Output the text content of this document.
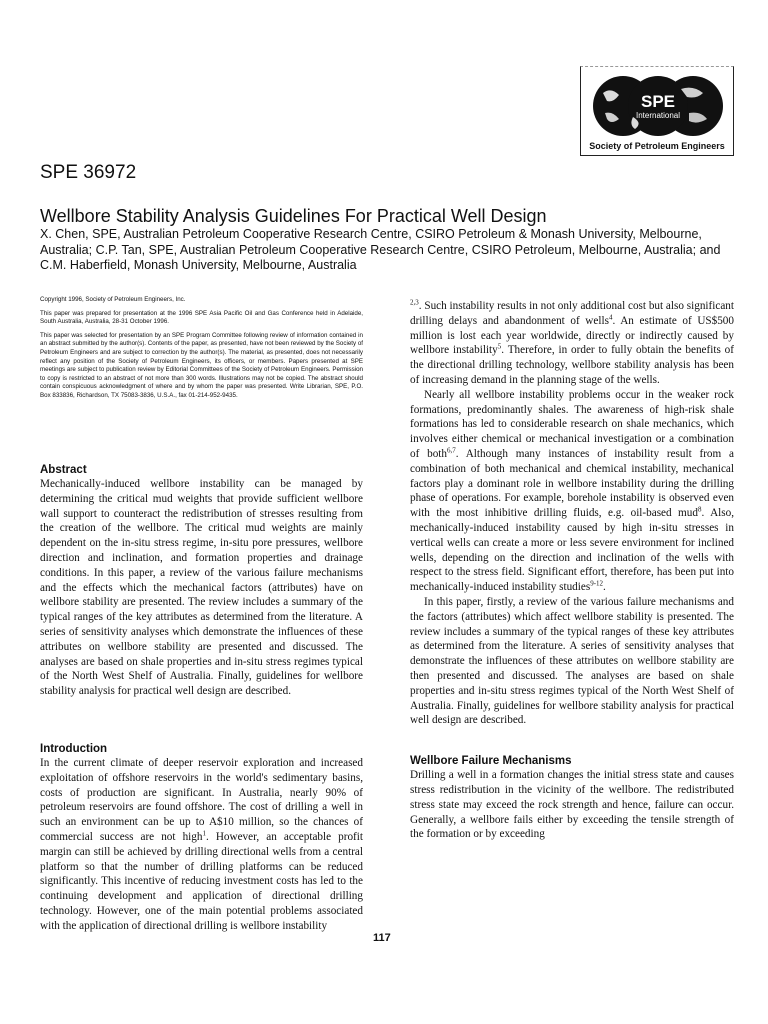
SPE
International
Society of Petroleum Engineers
SPE 36972
Wellbore Stability Analysis Guidelines For Practical Well Design
X. Chen, SPE, Australian Petroleum Cooperative Research Centre, CSIRO Petroleum & Monash University, Melbourne, Australia; C.P. Tan, SPE, Australian Petroleum Cooperative Research Centre, CSIRO Petroleum, Melbourne, Australia; and C.M. Haberfield, Monash University, Melbourne, Australia

Copyright 1996, Society of Petroleum Engineers, Inc.

This paper was prepared for presentation at the 1996 SPE Asia Pacific Oil and Gas Conference held in Adelaide, South Australia, Australia, 28-31 October 1996.

This paper was selected for presentation by an SPE Program Committee following review of information contained in an abstract submitted by the author(s). Contents of the paper, as presented, have not been reviewed by the Society of Petroleum Engineers and are subject to correction by the author(s). The material, as presented, does not necessarily reflect any position of the Society of Petroleum Engineers, its officers, or members. Papers presented at SPE meetings are subject to publication review by Editorial Committees of the Society of Petroleum Engineers. Permission to copy is restricted to an abstract of not more than 300 words. Illustrations may not be copied. The abstract should contain conspicuous acknowledgment of where and by whom the paper was presented. Write Librarian, SPE, P.O. Box 833836, Richardson, TX 75083-3836, U.S.A., fax 01-214-952-9435.

Abstract

Mechanically-induced wellbore instability can be managed by determining the critical mud weights that provide sufficient wellbore wall support to counteract the redistribution of stresses resulting from the creation of the wellbore. The critical mud weights are mainly dependent on the in-situ stress regime, in-situ pore pressures, wellbore direction and inclination, and formation properties and drainage conditions. In this paper, a review of the various failure mechanisms and the effects which the mechanical factors (attributes) have on wellbore stability are presented. The review includes a summary of the typical ranges of the key attributes as determined from the literature. A series of sensitivity analyses which demonstrate the influences of these attributes on wellbore stability are presented and discussed. The analyses are based on shale properties and in-situ stress regimes typical of the North West Shelf of Australia. Finally, guidelines for wellbore stability analysis for practical well design are described.

Introduction

In the current climate of deeper reservoir exploration and increased exploitation of offshore reservoirs in the world's sedimentary basins, costs of production are significant. In Australia, nearly 90% of petroleum reservoirs are found offshore. The cost of drilling a well in such an environment can be up to A$10 million, so the chances of commercial success are not high$^1$. However, an acceptable profit margin can still be achieved by drilling directional wells from a central platform so that the number of drilling platforms can be reduced significantly. This incentive of reducing investment costs has led to the continuing development and application of directional drilling technology. However, one of the main potential problems associated with the application of directional drilling is wellbore instability

$^{2,3}$. Such instability results in not only additional cost but also significant drilling delays and abandonment of wells$^4$. An estimate of US$500 million is lost each year worldwide, directly or indirectly caused by wellbore instability$^5$. Therefore, in order to fully obtain the benefits of the directional drilling technology, wellbore stability analysis has been of increasing demand in the planning stage of the wells.

Nearly all wellbore instability problems occur in the weaker rock formations, predominantly shales. The awareness of high-risk shale formations has led to considerable research on shale mechanics, which involves either chemical or mechanical investigation or a combination of both$^{6,7}$. Although many instances of instability result from a combination of both mechanical and chemical instability, mechanical factors play a dominant role in wellbore instability during the drilling phase of operations. For example, borehole instability is observed even with the most inhibitive drilling fluids, e.g. oil-based mud$^8$. Also, mechanically-induced instability caused by high in-situ stresses in vertical wells can create a more or less severe environment for inclined wells, depending on the direction and inclination of the wells with respect to the stress field. Significant effort, therefore, has been put into mechanically-induced instability studies$^{9-12}$.

In this paper, firstly, a review of the various failure mechanisms and the factors (attributes) which affect wellbore stability is presented. The review includes a summary of the typical ranges of these key attributes as determined from the literature. A series of sensitivity analyses that demonstrate the influences of these attributes on wellbore stability are then presented and discussed. The analyses are based on shale properties and in-situ stress regimes typical of the North West Shelf of Australia. Finally, guidelines for wellbore stability analysis for practical well design are described.

Wellbore Failure Mechanisms

Drilling a well in a formation changes the initial stress state and causes stress redistribution in the vicinity of the wellbore. The redistributed stress state may exceed the rock strength and hence, failure can occur. Generally, a wellbore fails either by exceeding the tensile strength of the formation or by exceeding

117
